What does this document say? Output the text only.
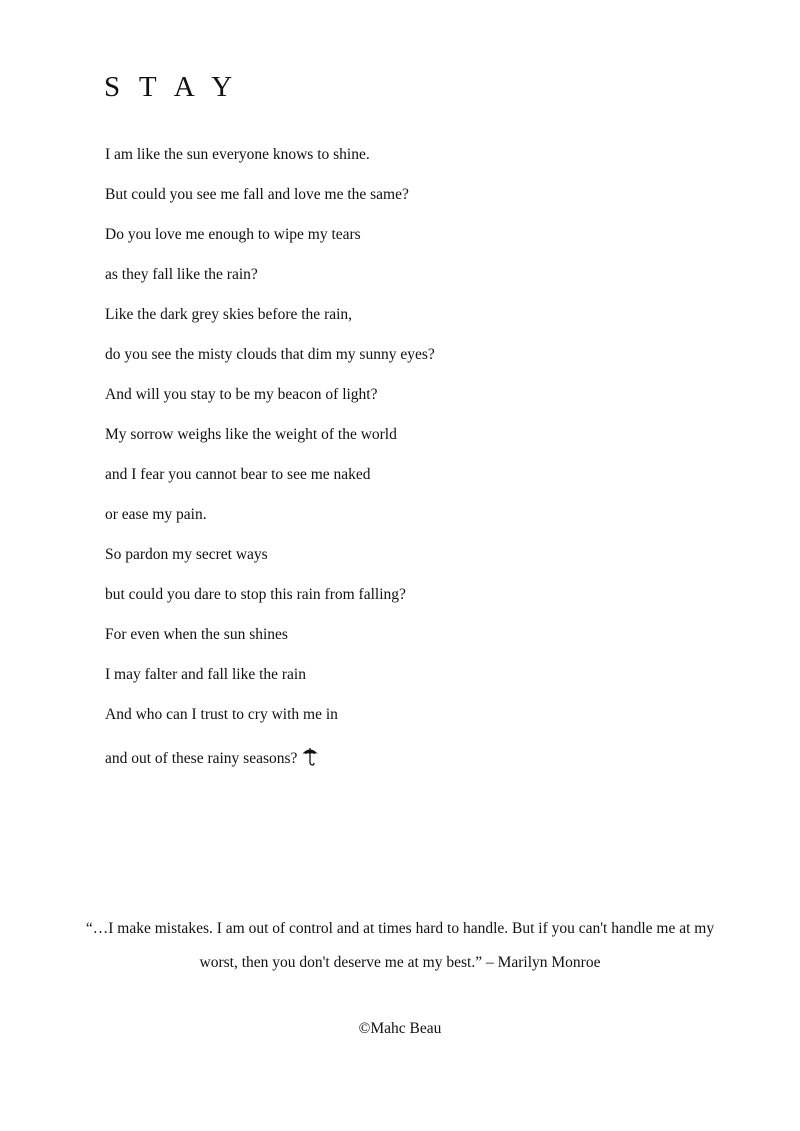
S T A Y
I am like the sun everyone knows to shine.
But could you see me fall and love me the same?
Do you love me enough to wipe my tears
as they fall like the rain?
Like the dark grey skies before the rain,
do you see the misty clouds that dim my sunny eyes?
And will you stay to be my beacon of light?
My sorrow weighs like the weight of the world
and I fear you cannot bear to see me naked
or ease my pain.
So pardon my secret ways
but could you dare to stop this rain from falling?
For even when the sun shines
I may falter and fall like the rain
And who can I trust to cry with me in
and out of these rainy seasons?
“…I make mistakes. I am out of control and at times hard to handle. But if you can't handle me at my
worst, then you don't deserve me at my best.” – Marilyn Monroe
©Mahc Beau
